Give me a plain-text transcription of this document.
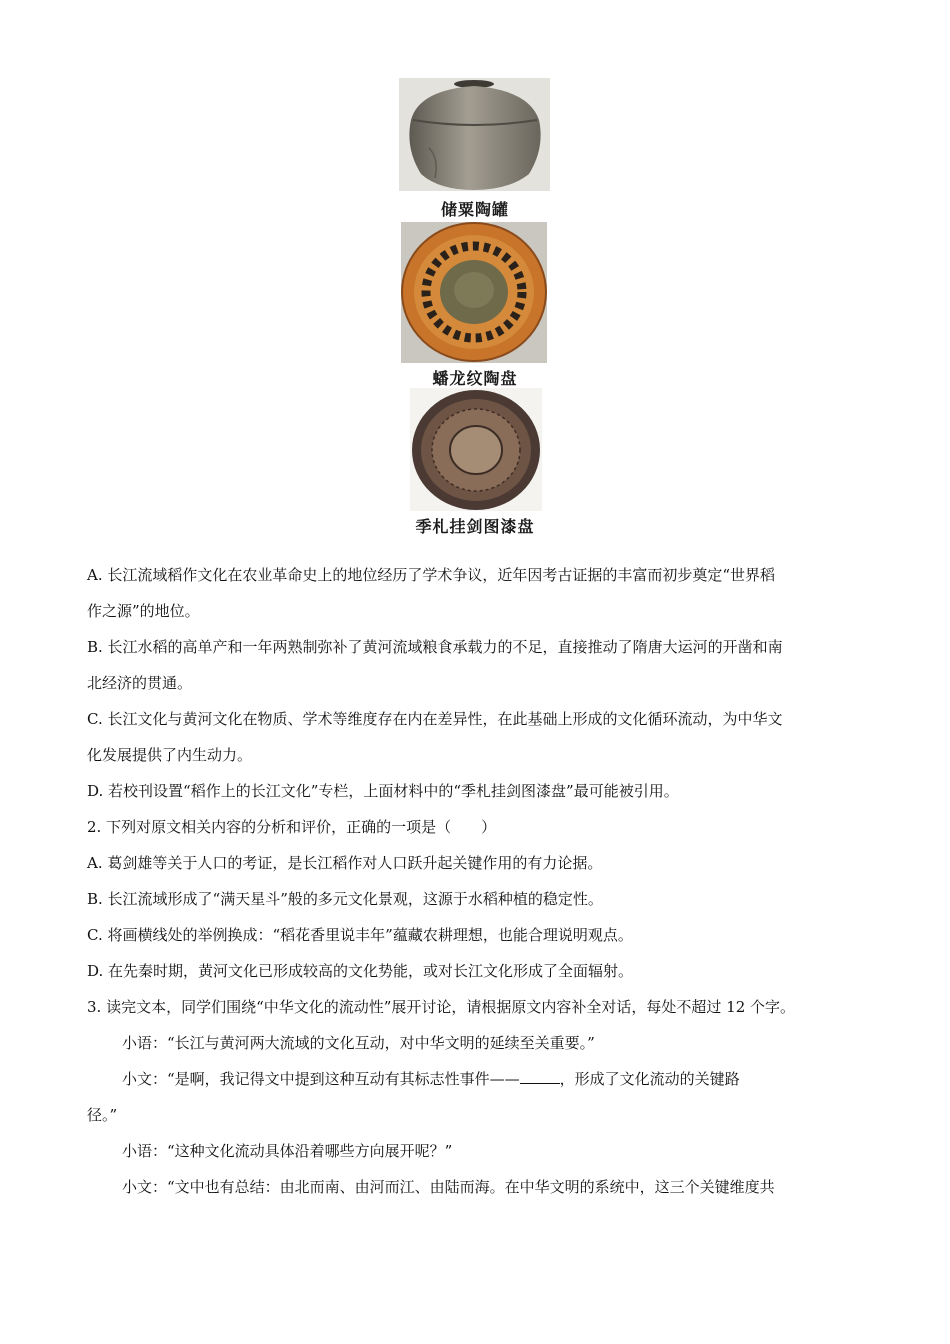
储粟陶罐
蟠龙纹陶盘
季札挂剑图漆盘

A. 长江流域稻作文化在农业革命史上的地位经历了学术争议，近年因考古证据的丰富而初步奠定“世界稻

作之源”的地位。

B. 长江水稻的高单产和一年两熟制弥补了黄河流域粮食承载力的不足，直接推动了隋唐大运河的开凿和南

北经济的贯通。

C. 长江文化与黄河文化在物质、学术等维度存在内在差异性，在此基础上形成的文化循环流动，为中华文

化发展提供了内生动力。

D. 若校刊设置“稻作上的长江文化”专栏，上面材料中的“季札挂剑图漆盘”最可能被引用。

2. 下列对原文相关内容的分析和评价，正确的一项是（　　）

A. 葛剑雄等关于人口的考证，是长江稻作对人口跃升起关键作用的有力论据。

B. 长江流域形成了“满天星斗”般的多元文化景观，这源于水稻种植的稳定性。

C. 将画横线处的举例换成：“稻花香里说丰年”蕴藏农耕理想，也能合理说明观点。

D. 在先秦时期，黄河文化已形成较高的文化势能，或对长江文化形成了全面辐射。

3. 读完文本，同学们围绕“中华文化的流动性”展开讨论，请根据原文内容补全对话，每处不超过 12 个字。

小语：“长江与黄河两大流域的文化互动，对中华文明的延续至关重要。”

小文：“是啊，我记得文中提到这种互动有其标志性事件——	，形成了文化流动的关键路

径。”

小语：“这种文化流动具体沿着哪些方向展开呢？”

小文：“文中也有总结：由北而南、由河而江、由陆而海。在中华文明的系统中，这三个关键维度共
